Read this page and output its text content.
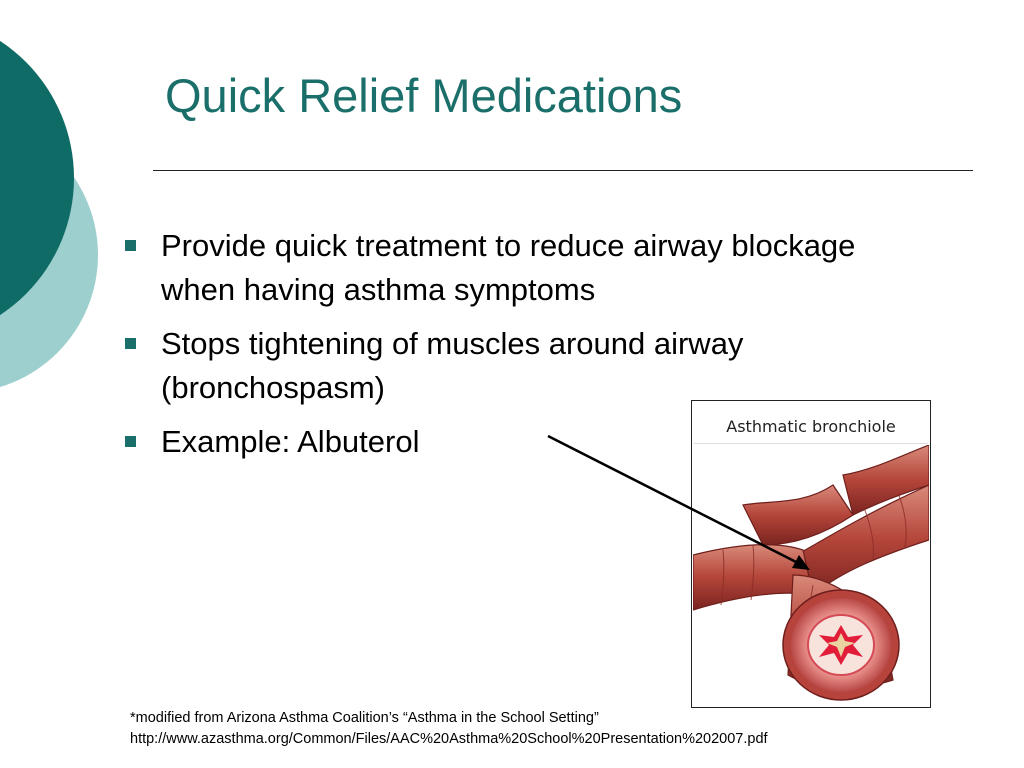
Quick Relief Medications
Provide quick treatment to reduce airway blockage when having asthma symptoms
Stops tightening of muscles around airway (bronchospasm)
Example: Albuterol	Asthmatic bronchiole
*modified from Arizona Asthma Coalition’s “Asthma in the School Setting”
http://www.azasthma.org/Common/Files/AAC%20Asthma%20School%20Presentation%202007.pdf
